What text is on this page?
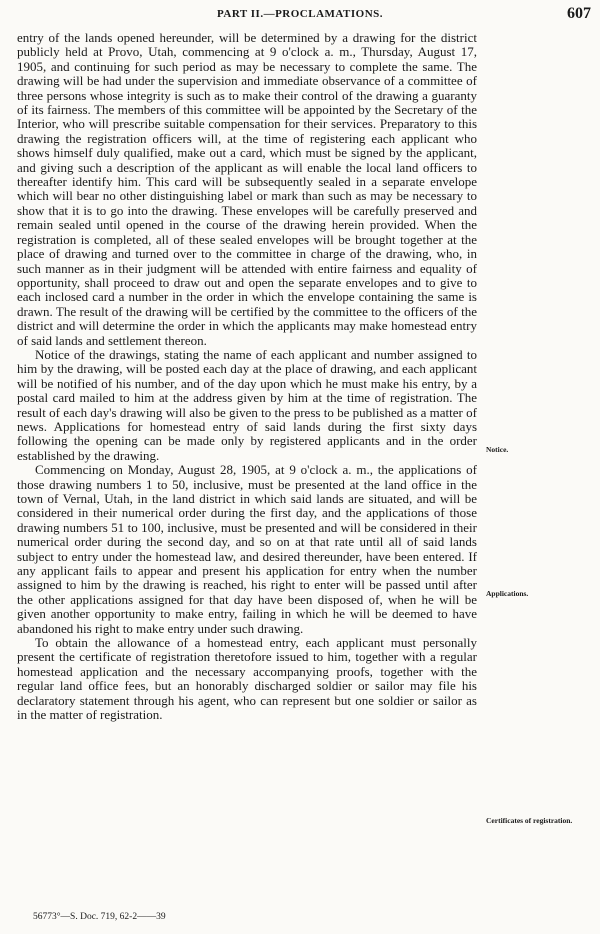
PART II.—PROCLAMATIONS.	607

entry of the lands opened hereunder, will be determined by a drawing for the district publicly held at Provo, Utah, commencing at 9 o'clock a. m., Thursday, August 17, 1905, and continuing for such period as may be necessary to complete the same. The drawing will be had under the supervision and immediate observance of a committee of three persons whose integrity is such as to make their control of the drawing a guaranty of its fairness. The members of this committee will be appointed by the Secretary of the Interior, who will prescribe suitable compensation for their services. Preparatory to this drawing the registration officers will, at the time of registering each applicant who shows himself duly qualified, make out a card, which must be signed by the applicant, and giving such a description of the applicant as will enable the local land officers to thereafter identify him. This card will be subsequently sealed in a separate envelope which will bear no other distinguishing label or mark than such as may be necessary to show that it is to go into the drawing. These envelopes will be carefully preserved and remain sealed until opened in the course of the drawing herein provided. When the registration is completed, all of these sealed envelopes will be brought together at the place of drawing and turned over to the committee in charge of the drawing, who, in such manner as in their judgment will be attended with entire fairness and equality of opportunity, shall proceed to draw out and open the separate envelopes and to give to each inclosed card a number in the order in which the envelope containing the same is drawn. The result of the drawing will be certified by the committee to the officers of the district and will determine the order in which the applicants may make homestead entry of said lands and settlement thereon.

Notice of the drawings, stating the name of each applicant and number assigned to him by the drawing, will be posted each day at the place of drawing, and each applicant will be notified of his number, and of the day upon which he must make his entry, by a postal card mailed to him at the address given by him at the time of registration. The result of each day's drawing will also be given to the press to be published as a matter of news. Applications for homestead entry of said lands during the first sixty days following the opening can be made only by registered applicants and in the order established by the drawing.

Commencing on Monday, August 28, 1905, at 9 o'clock a. m., the applications of those drawing numbers 1 to 50, inclusive, must be presented at the land office in the town of Vernal, Utah, in the land district in which said lands are situated, and will be considered in their numerical order during the first day, and the applications of those drawing numbers 51 to 100, inclusive, must be presented and will be considered in their numerical order during the second day, and so on at that rate until all of said lands subject to entry under the homestead law, and desired thereunder, have been entered. If any applicant fails to appear and present his application for entry when the number assigned to him by the drawing is reached, his right to enter will be passed until after the other applications assigned for that day have been disposed of, when he will be given another opportunity to make entry, failing in which he will be deemed to have abandoned his right to make entry under such drawing.

To obtain the allowance of a homestead entry, each applicant must personally present the certificate of registration theretofore issued to him, together with a regular homestead application and the necessary accompanying proofs, together with the regular land office fees, but an honorably discharged soldier or sailor may file his declaratory statement through his agent, who can represent but one soldier or sailor as in the matter of registration.

Notice.
Applications.
Certificates of registration.
56773°—S. Doc. 719, 62-2——39
